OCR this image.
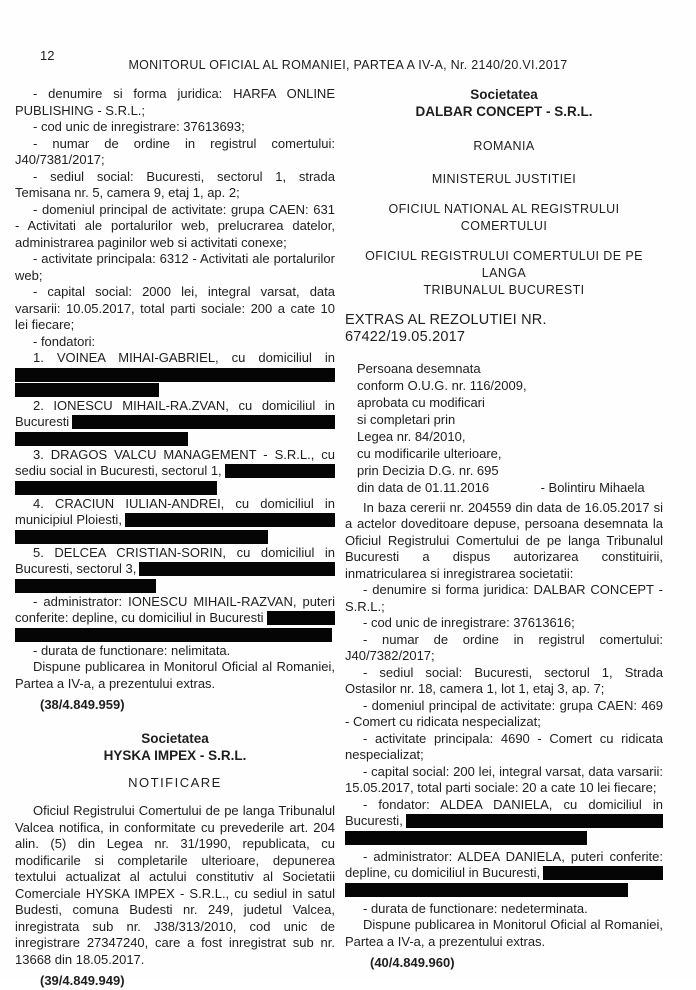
12
MONITORUL OFICIAL AL ROMANIEI, PARTEA A IV-A, Nr. 2140/20.VI.2017

- denumire si forma juridica: HARFA ONLINE PUBLISHING - S.R.L.;

- cod unic de inregistrare: 37613693;

- numar de ordine in registrul comertului:

J40/7381/2017;

- sediul social: Bucuresti, sectorul 1, strada Temisana nr. 5, camera 9, etaj 1, ap. 2;

- domeniul principal de activitate: grupa CAEN: 631 - Activitati ale portalurilor web, prelucrarea datelor, administrarea paginilor web si activitati conexe;

- activitate principala: 6312 - Activitati ale portalurilor web;

- capital social: 2000 lei, integral varsat, data varsarii: 10.05.2017, total parti sociale: 200 a cate 10 lei fiecare;

- fondatori:

1. VOINEA MIHAI-GABRIEL, cu domiciliul in

2. IONESCU MIHAIL-RA.ZVAN, cu domiciliul in

Bucuresti

3. DRAGOS VALCU MANAGEMENT - S.R.L., cu

sediu social in Bucuresti, sectorul 1,

4. CRACIUN IULIAN-ANDREI, cu domiciliul in

municipiul Ploiesti,

5. DELCEA CRISTIAN-SORIN, cu domiciliul in

Bucuresti, sectorul 3,

- administrator: IONESCU MIHAIL-RAZVAN, puteri

conferite: depline, cu domiciliul in Bucuresti

- durata de functionare: nelimitata.

Dispune publicarea in Monitorul Oficial al Romaniei, Partea a IV-a, a prezentului extras.

(38/4.849.959)

Societatea

HYSKA IMPEX - S.R.L.

NOTIFICARE

Oficiul Registrului Comertului de pe langa Tribunalul Valcea notifica, in conformitate cu prevederile art. 204 alin. (5) din Legea nr. 31/1990, republicata, cu modificarile si completarile ulterioare, depunerea textului actualizat al actului constitutiv al Societatii Comerciale HYSKA IMPEX - S.R.L., cu sediul in satul Budesti, comuna Budesti nr. 249, judetul Valcea, inregistrata sub nr. J38/313/2010, cod unic de inregistrare 27347240, care a fost inregistrat sub nr. 13668 din 18.05.2017.

(39/4.849.949)

Societatea

DALBAR CONCEPT - S.R.L.

ROMANIA

MINISTERUL JUSTITIEI

OFICIUL NATIONAL AL REGISTRULUI COMERTULUI

OFICIUL REGISTRULUI COMERTULUI DE PE LANGA

TRIBUNALUL BUCURESTI

EXTRAS AL REZOLUTIEI NR. 67422/19.05.2017

Persoana desemnata

conform O.U.G. nr. 116/2009,

aprobata cu modificari

si completari prin

Legea nr. 84/2010,

cu modificarile ulterioare,

prin Decizia D.G. nr. 695

din data de 01.11.2016	- Bolintiru Mihaela

In baza cererii nr. 204559 din data de 16.05.2017 si a actelor doveditoare depuse, persoana desemnata la Oficiul Registrului Comertului de pe langa Tribunalul Bucuresti a dispus autorizarea constituirii, inmatricularea si inregistrarea societatii:

- denumire si forma juridica: DALBAR CONCEPT - S.R.L.;

- cod unic de inregistrare: 37613616;

- numar de ordine in registrul comertului:

J40/7382/2017;

- sediul social: Bucuresti, sectorul 1, Strada Ostasilor nr. 18, camera 1, lot 1, etaj 3, ap. 7;

- domeniul principal de activitate: grupa CAEN: 469 - Comert cu ridicata nespecializat;

- activitate principala: 4690 - Comert cu ridicata nespecializat;

- capital social: 200 lei, integral varsat, data varsarii: 15.05.2017, total parti sociale: 20 a cate 10 lei fiecare;

- fondator: ALDEA DANIELA, cu domiciliul in

Bucuresti,

- administrator: ALDEA DANIELA, puteri conferite:

depline, cu domiciliul in Bucuresti,

- durata de functionare: nedeterminata.

Dispune publicarea in Monitorul Oficial al Romaniei, Partea a IV-a, a prezentului extras.

(40/4.849.960)
